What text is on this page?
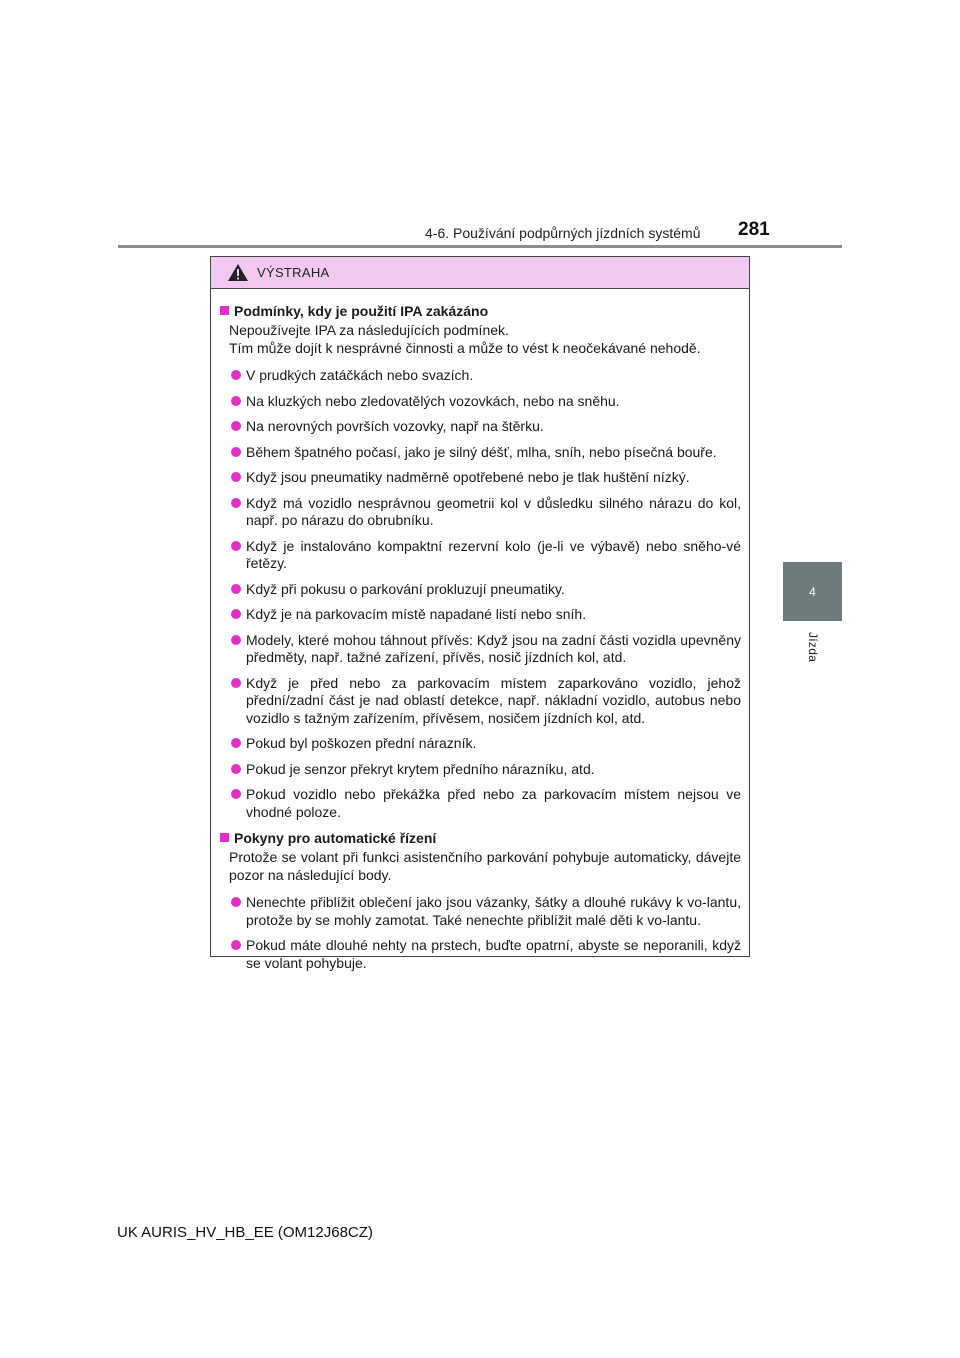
4-6. Používání podpůrných jízdních systémů 281
4
Jízda
VÝSTRAHA
Podmínky, kdy je použití IPA zakázáno
Nepoužívejte IPA za následujících podmínek.
Tím může dojít k nesprávné činnosti a může to vést k neočekávané nehodě.
V prudkých zatáčkách nebo svazích.
Na kluzkých nebo zledovatělých vozovkách, nebo na sněhu.
Na nerovných površích vozovky, např na štěrku.
Během špatného počasí, jako je silný déšť, mlha, sníh, nebo písečná bouře.
Když jsou pneumatiky nadměrně opotřebené nebo je tlak huštění nízký.
Když má vozidlo nesprávnou geometrii kol v důsledku silného nárazu do kol, např. po nárazu do obrubníku.
Když je instalováno kompaktní rezervní kolo (je-li ve výbavě) nebo sněho-vé řetězy.
Když při pokusu o parkování prokluzují pneumatiky.
Když je na parkovacím místě napadané listí nebo sníh.
Modely, které mohou táhnout přívěs: Když jsou na zadní části vozidla upevněny předměty, např. tažné zařízení, přívěs, nosič jízdních kol, atd.
Když je před nebo za parkovacím místem zaparkováno vozidlo, jehož přední/zadní část je nad oblastí detekce, např. nákladní vozidlo, autobus nebo vozidlo s tažným zařízením, přívěsem, nosičem jízdních kol, atd.
Pokud byl poškozen přední nárazník.
Pokud je senzor překryt krytem předního nárazníku, atd.
Pokud vozidlo nebo překážka před nebo za parkovacím místem nejsou ve vhodné poloze.
Pokyny pro automatické řízení
Protože se volant při funkci asistenčního parkování pohybuje automaticky, dávejte pozor na následující body.
Nenechte přiblížit oblečení jako jsou vázanky, šátky a dlouhé rukávy k vo-lantu, protože by se mohly zamotat. Také nenechte přiblížit malé děti k vo-lantu.
Pokud máte dlouhé nehty na prstech, buďte opatrní, abyste se neporanili, když se volant pohybuje.
UK AURIS_HV_HB_EE (OM12J68CZ)
